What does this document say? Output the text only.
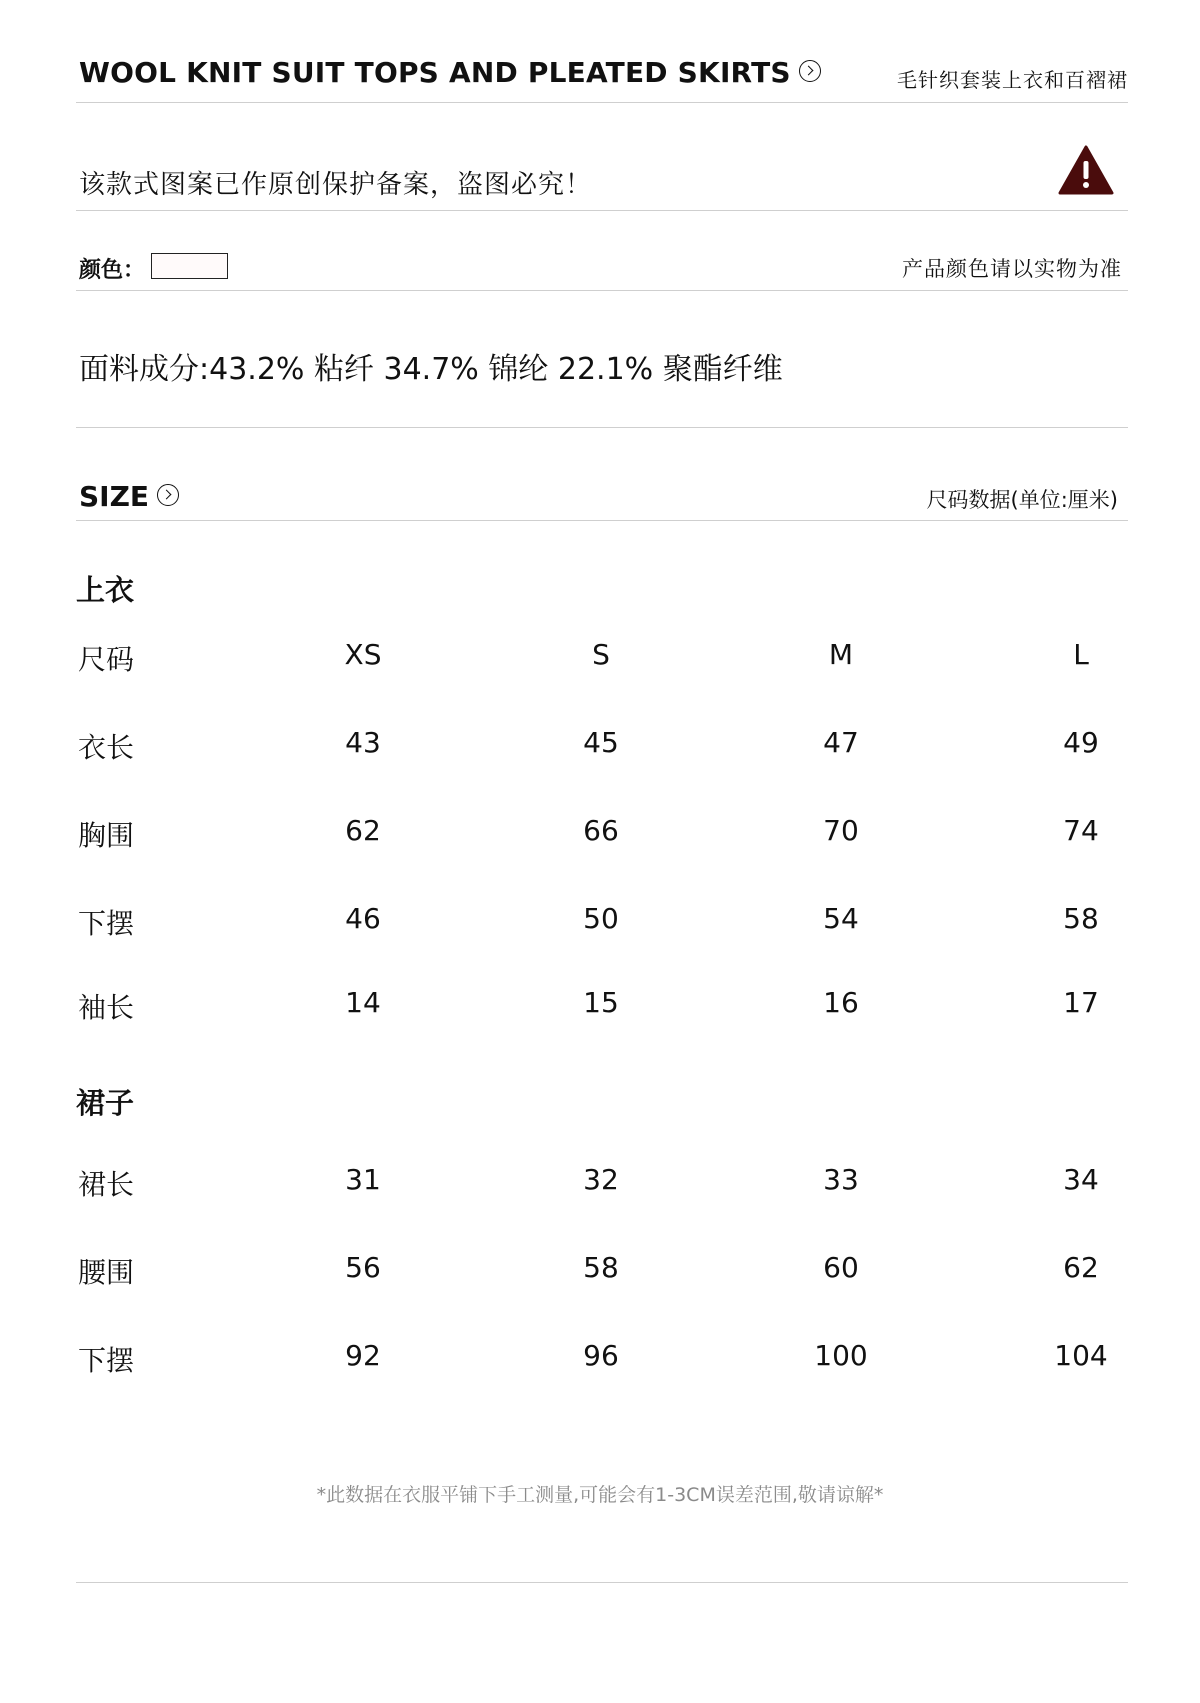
WOOL KNIT SUIT TOPS AND PLEATED SKIRTS	毛针织套装上衣和百褶裙
该款式图案已作原创保护备案，盗图必究！
颜色：	产品颜色请以实物为准
面料成分:43.2% 粘纤 34.7% 锦纶 22.1% 聚酯纤维
SIZE	尺码数据(单位:厘米)
上衣
尺码	XS	S	M	L
衣长	43	45	47	49
胸围	62	66	70	74
下摆	46	50	54	58
袖长	14	15	16	17
裙子
裙长	31	32	33	34
腰围	56	58	60	62
下摆	92	96	100	104
*此数据在衣服平铺下手工测量,可能会有1-3CM误差范围,敬请谅解*
